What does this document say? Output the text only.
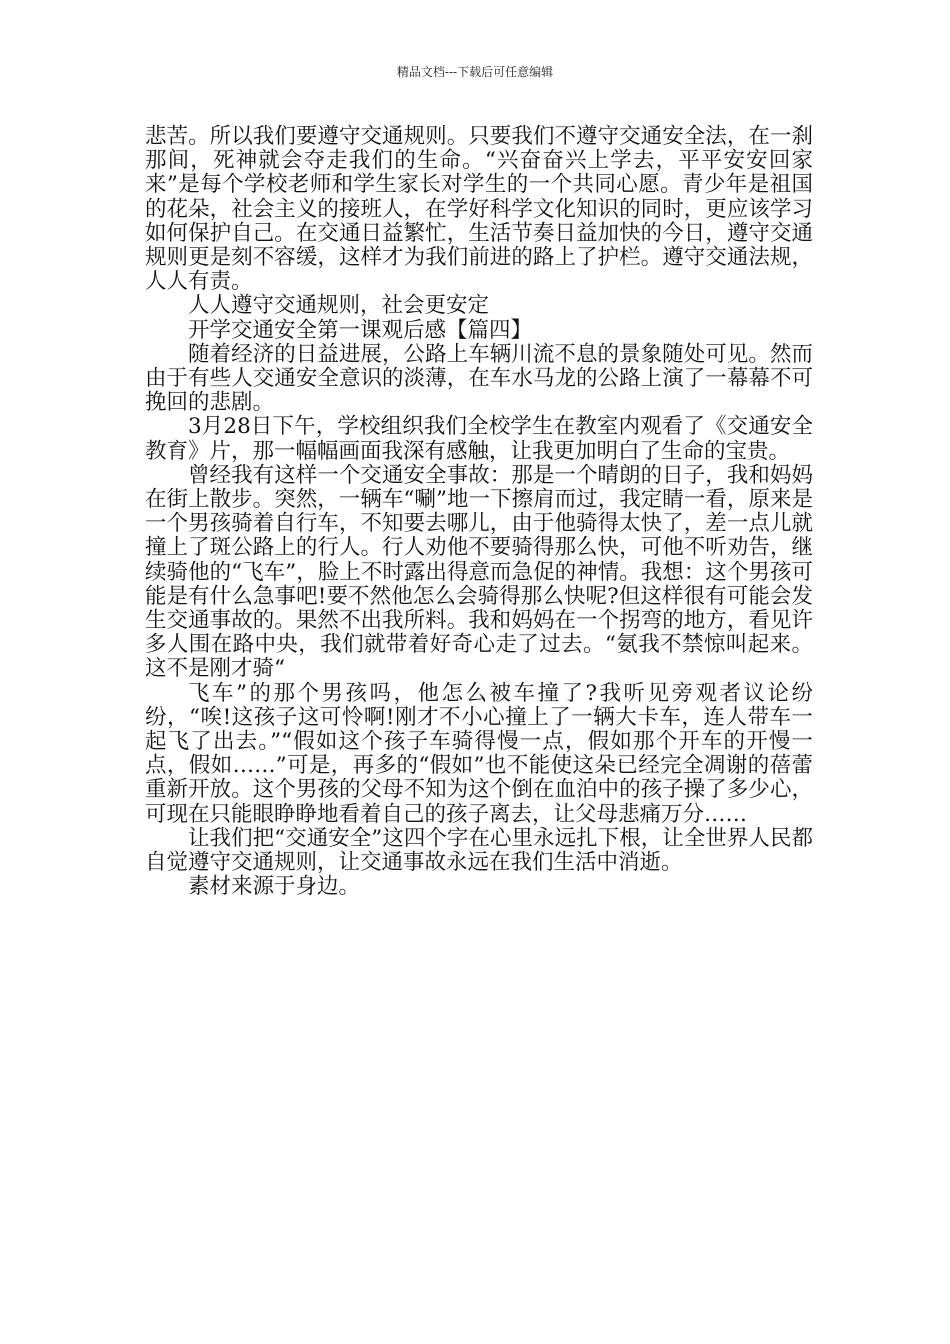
精品文档---下载后可任意编辑

悲苦。所以我们要遵守交通规则。只要我们不遵守交通安全法，在一刹那间，死神就会夺走我们的生命。“兴奋奋兴上学去，平平安安回家来”是每个学校老师和学生家长对学生的一个共同心愿。青少年是祖国的花朵，社会主义的接班人，在学好科学文化知识的同时，更应该学习如何保护自己。在交通日益繁忙，生活节奏日益加快的今日，遵守交通规则更是刻不容缓，这样才为我们前进的路上了护栏。遵守交通法规，人人有责。

人人遵守交通规则，社会更安定

开学交通安全第一课观后感【篇四】

随着经济的日益进展，公路上车辆川流不息的景象随处可见。然而由于有些人交通安全意识的淡薄，在车水马龙的公路上演了一幕幕不可挽回的悲剧。

3月28日下午，学校组织我们全校学生在教室内观看了《交通安全教育》片，那一幅幅画面我深有感触，让我更加明白了生命的宝贵。

曾经我有这样一个交通安全事故：那是一个晴朗的日子，我和妈妈在街上散步。突然，一辆车“唰”地一下擦肩而过，我定睛一看，原来是一个男孩骑着自行车，不知要去哪儿，由于他骑得太快了，差一点儿就撞上了斑公路上的行人。行人劝他不要骑得那么快，可他不听劝告，继续骑他的“飞车”，脸上不时露出得意而急促的神情。我想：这个男孩可能是有什么急事吧!要不然他怎么会骑得那么快呢?但这样很有可能会发生交通事故的。果然不出我所料。我和妈妈在一个拐弯的地方，看见许多人围在路中央，我们就带着好奇心走了过去。“氨我不禁惊叫起来。这不是刚才骑“

飞车”的那个男孩吗，他怎么被车撞了?我听见旁观者议论纷纷，“唉!这孩子这可怜啊!刚才不小心撞上了一辆大卡车，连人带车一起飞了出去。”“假如这个孩子车骑得慢一点，假如那个开车的开慢一点，假如……”可是，再多的“假如”也不能使这朵已经完全凋谢的蓓蕾重新开放。这个男孩的父母不知为这个倒在血泊中的孩子操了多少心，可现在只能眼睁睁地看着自己的孩子离去，让父母悲痛万分……

让我们把“交通安全”这四个字在心里永远扎下根，让全世界人民都自觉遵守交通规则，让交通事故永远在我们生活中消逝。

素材来源于身边。
